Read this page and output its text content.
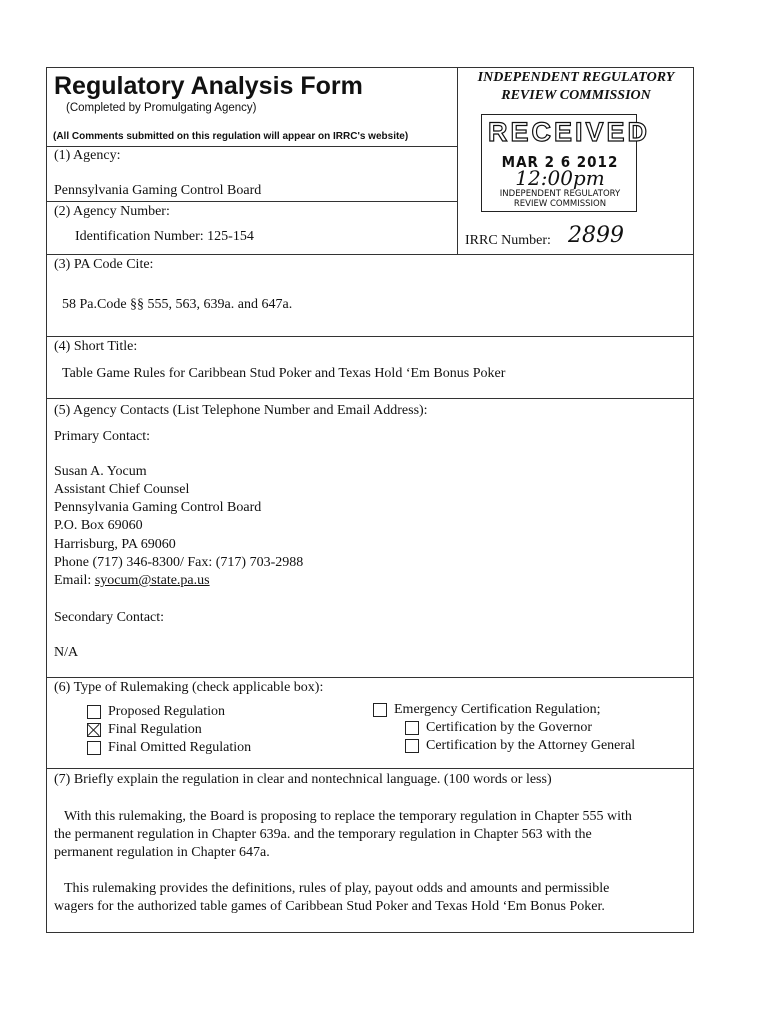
Regulatory Analysis Form
(Completed by Promulgating Agency)
(All Comments submitted on this regulation will appear on IRRC's website)
INDEPENDENT REGULATORY
REVIEW COMMISSION
RECEIVED
MAR 2 6 2012
12:00pm
INDEPENDENT REGULATORY
REVIEW COMMISSION
IRRC Number: 2899
(1) Agency:
Pennsylvania Gaming Control Board
(2) Agency Number:
Identification Number: 125-154
(3) PA Code Cite:
58 Pa.Code §§ 555, 563, 639a. and 647a.
(4) Short Title:
Table Game Rules for Caribbean Stud Poker and Texas Hold ‘Em Bonus Poker
(5) Agency Contacts (List Telephone Number and Email Address):
Primary Contact:
Susan A. Yocum
Assistant Chief Counsel
Pennsylvania Gaming Control Board
P.O. Box 69060
Harrisburg, PA 69060
Phone (717) 346-8300/ Fax: (717) 703-2988
Email: syocum@state.pa.us
Secondary Contact:
N/A
(6) Type of Rulemaking (check applicable box):
Proposed Regulation
Final Regulation
Final Omitted Regulation
Emergency Certification Regulation;
Certification by the Governor
Certification by the Attorney General
(7) Briefly explain the regulation in clear and nontechnical language. (100 words or less)
With this rulemaking, the Board is proposing to replace the temporary regulation in Chapter 555 with
the permanent regulation in Chapter 639a. and the temporary regulation in Chapter 563 with the
permanent regulation in Chapter 647a.
This rulemaking provides the definitions, rules of play, payout odds and amounts and permissible
wagers for the authorized table games of Caribbean Stud Poker and Texas Hold ‘Em Bonus Poker.
